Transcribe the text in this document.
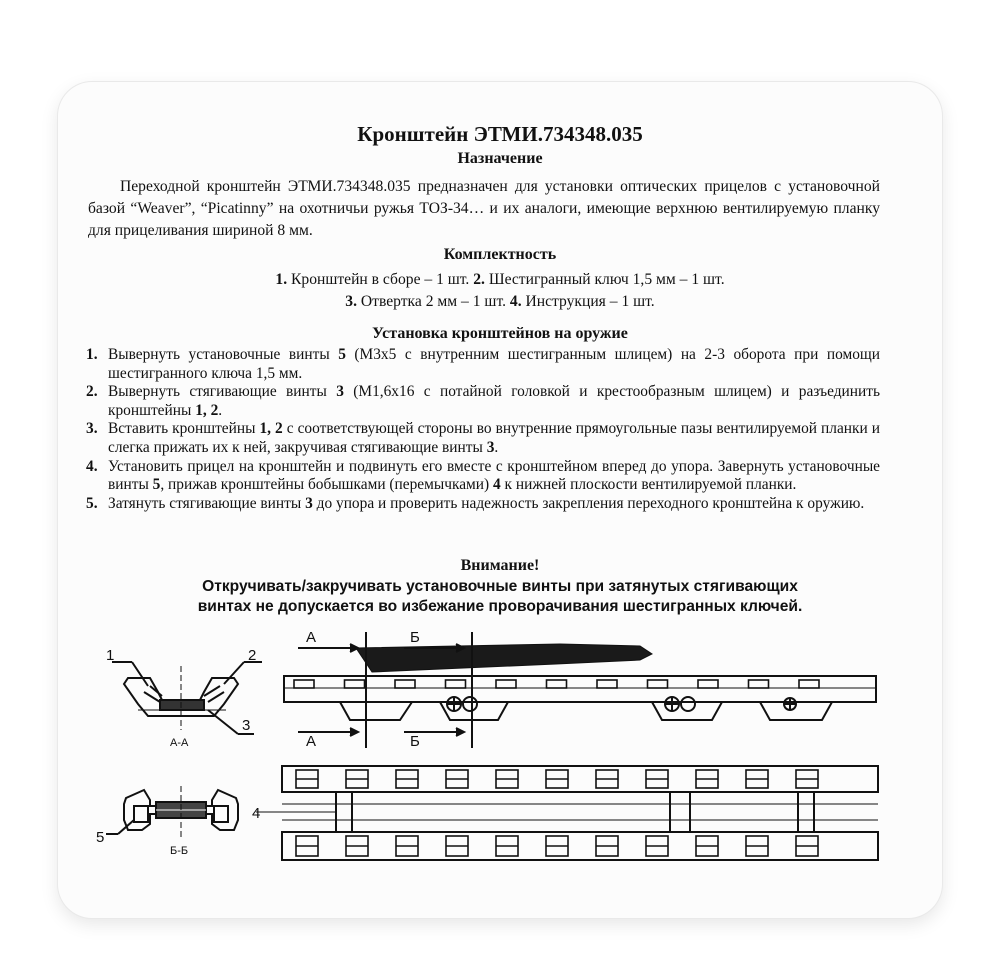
Кронштейн ЭТМИ.734348.035
Назначение

Переходной кронштейн ЭТМИ.734348.035 предназначен для установки оптических прицелов с установочной базой “Weaver”, “Picatinny” на охотничьи ружья ТОЗ-34… и их аналоги, имеющие верхнюю вентилируемую планку для прицеливания шириной 8 мм.

Комплектность
1. Кронштейн в сборе – 1 шт. 2. Шестигранный ключ 1,5 мм – 1 шт.
3. Отвертка 2 мм – 1 шт. 4. Инструкция – 1 шт.
Установка кронштейнов на оружие
1. Вывернуть установочные винты 5 (М3х5 с внутренним шестигранным шлицем) на 2-3 оборота при помощи шестигранного ключа 1,5 мм.
2. Вывернуть стягивающие винты 3 (М1,6х16 с потайной головкой и крестообразным шлицем) и разъединить кронштейны 1, 2.
3. Вставить кронштейны 1, 2 с соответствующей стороны во внутренние прямоугольные пазы вентилируемой планки и слегка прижать их к ней, закручивая стягивающие винты 3.
4. Установить прицел на кронштейн и подвинуть его вместе с кронштейном вперед до упора. Завернуть установочные винты 5, прижав кронштейны бобышками (перемычками) 4 к нижней плоскости вентилируемой планки.
5. Затянуть стягивающие винты 3 до упора и проверить надежность закрепления переходного кронштейна к оружию.
Внимание!
Откручивать/закручивать установочные винты при затянутых стягивающих
винтах не допускается во избежание проворачивания шестигранных ключей.
1	2
3
4
5
А-А
Б-Б
А	Б
А	Б
